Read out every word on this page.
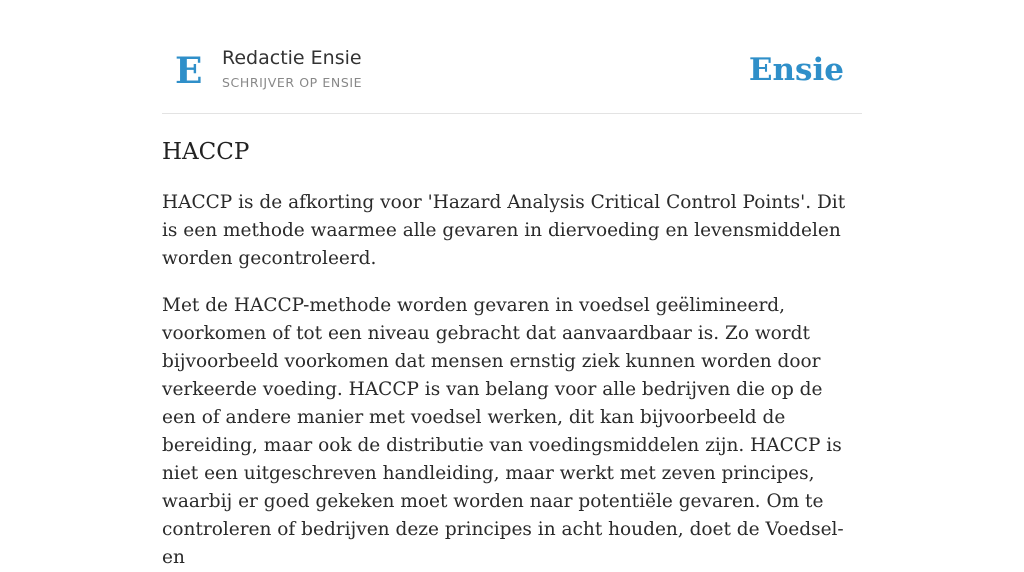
E Redactie Ensie
SCHRIJVER OP ENSIE	Ensie
HACCP

HACCP is de afkorting voor 'Hazard Analysis Critical Control Points'. Dit is een methode waarmee alle gevaren in diervoeding en levensmiddelen worden gecontroleerd.

Met de HACCP-methode worden gevaren in voedsel geëlimineerd, voorkomen of tot een niveau gebracht dat aanvaardbaar is. Zo wordt bijvoorbeeld voorkomen dat mensen ernstig ziek kunnen worden door verkeerde voeding. HACCP is van belang voor alle bedrijven die op de een of andere manier met voedsel werken, dit kan bijvoorbeeld de bereiding, maar ook de distributie van voedingsmiddelen zijn. HACCP is niet een uitgeschreven handleiding, maar werkt met zeven principes, waarbij er goed gekeken moet worden naar potentiële gevaren. Om te controleren of bedrijven deze principes in acht houden, doet de Voedsel- en
